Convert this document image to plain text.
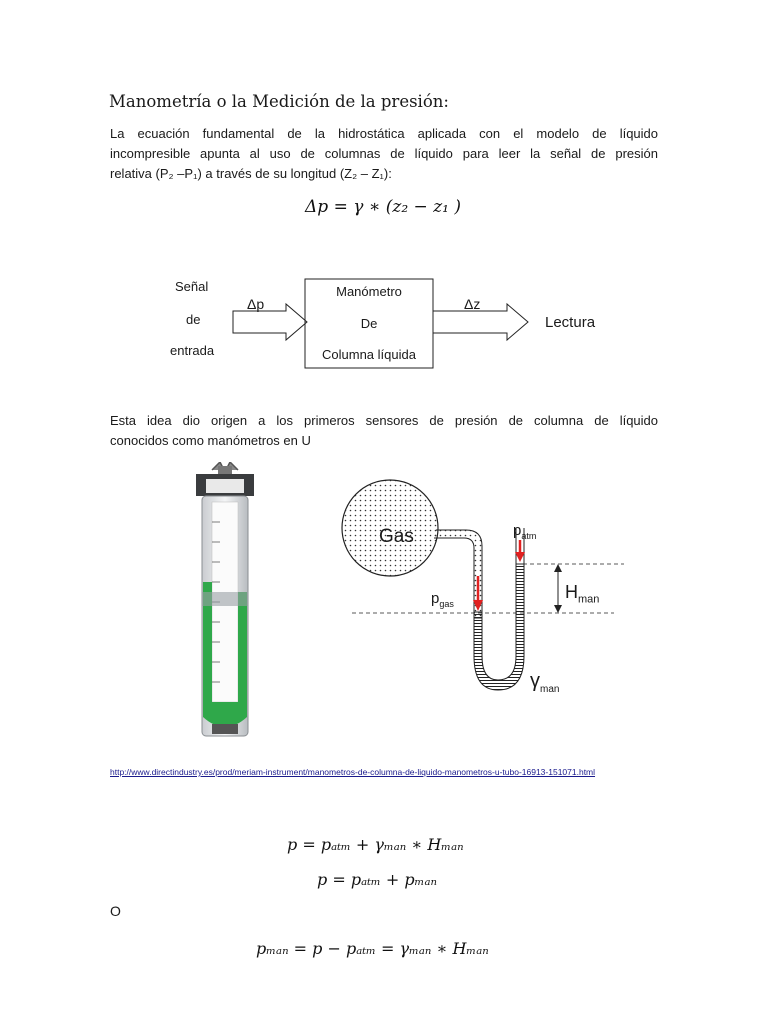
Manometría o la Medición de la presión:
La ecuación fundamental de la hidrostática aplicada con el modelo de líquido
incompresible apunta al uso de columnas de líquido para leer la señal de presión
relativa (P₂ –P₁) a través de su longitud (Z₂ – Z₁):
Δp = γ ∗ (z₂ − z₁ )
Señal
de
entrada
Δp	Δz
Manómetro
De
Columna líquida
Lectura
Esta idea dio origen a los primeros sensores de presión de columna de líquido
conocidos como manómetros en U
Gas	$p_{atm}$
$p_{gas}$
$H_{man}$
$\gamma_{man}$
http://www.directindustry.es/prod/meriam-instrument/manometros-de-columna-de-liquido-manometros-u-tubo-16913-151071.html
p = pₐₜₘ + γₘₐₙ ∗ Hₘₐₙ
p = pₐₜₘ + pₘₐₙ
O
pₘₐₙ = p − pₐₜₘ = γₘₐₙ ∗ Hₘₐₙ
